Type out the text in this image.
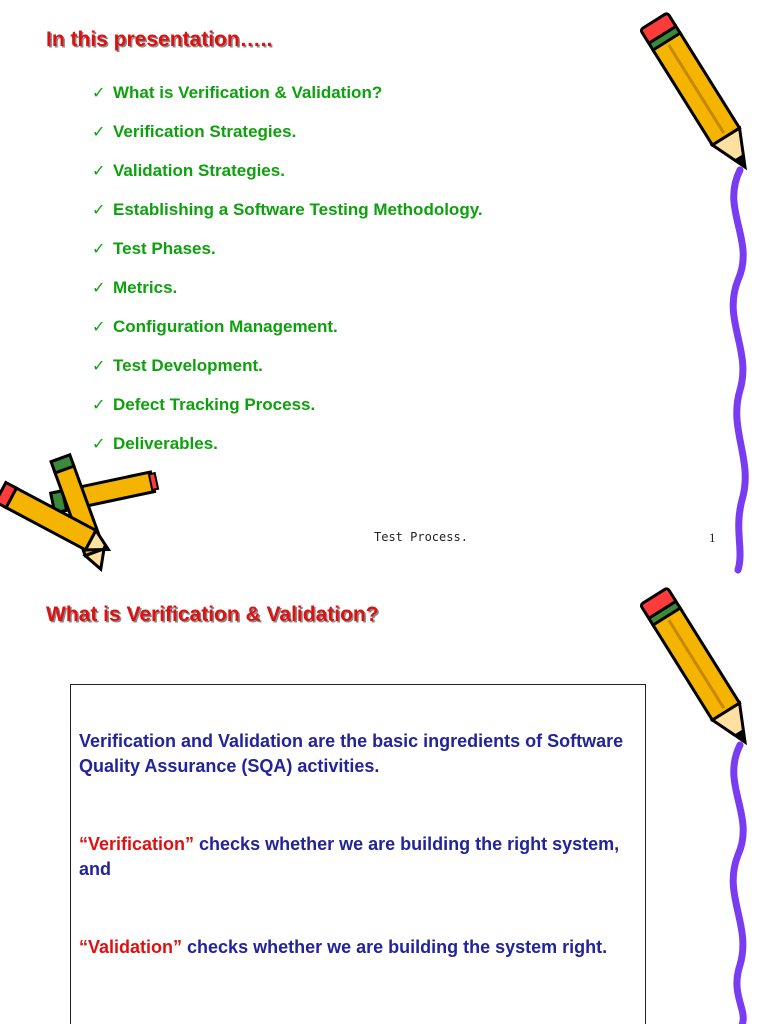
In this presentation…..
✓ What is Verification & Validation?
✓ Verification Strategies.
✓ Validation Strategies.
✓ Establishing a Software Testing Methodology.
✓ Test Phases.
✓ Metrics.
✓ Configuration Management.
✓ Test Development.
✓ Defect Tracking Process.
✓ Deliverables.
Test Process.	1
What is Verification & Validation?

Verification and Validation are the basic ingredients of Software Quality Assurance (SQA) activities.

“Verification” checks whether we are building the right system, and

“Validation” checks whether we are building the system right.
